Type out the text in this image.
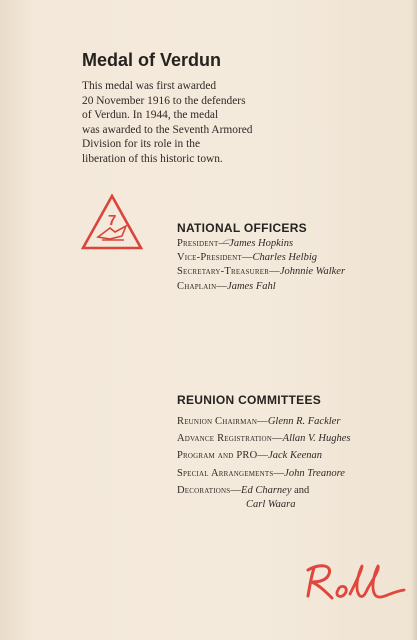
Medal of Verdun
This medal was first awarded
20 November 1916 to the defenders
of Verdun. In 1944, the medal
was awarded to the Seventh Armored
Division for its role in the
liberation of this historic town.
7	NATIONAL OFFICERS
President—James Hopkins
Vice-President—Charles Helbig
Secretary-Treasurer—Johnnie Walker
Chaplain—James Fahl
REUNION COMMITTEES
Reunion Chairman—Glenn R. Fackler
Advance Registration—Allan V. Hughes
Program and PRO—Jack Keenan
Special Arrangements—John Treanore
Decorations—Ed Charney and
Carl Waara
